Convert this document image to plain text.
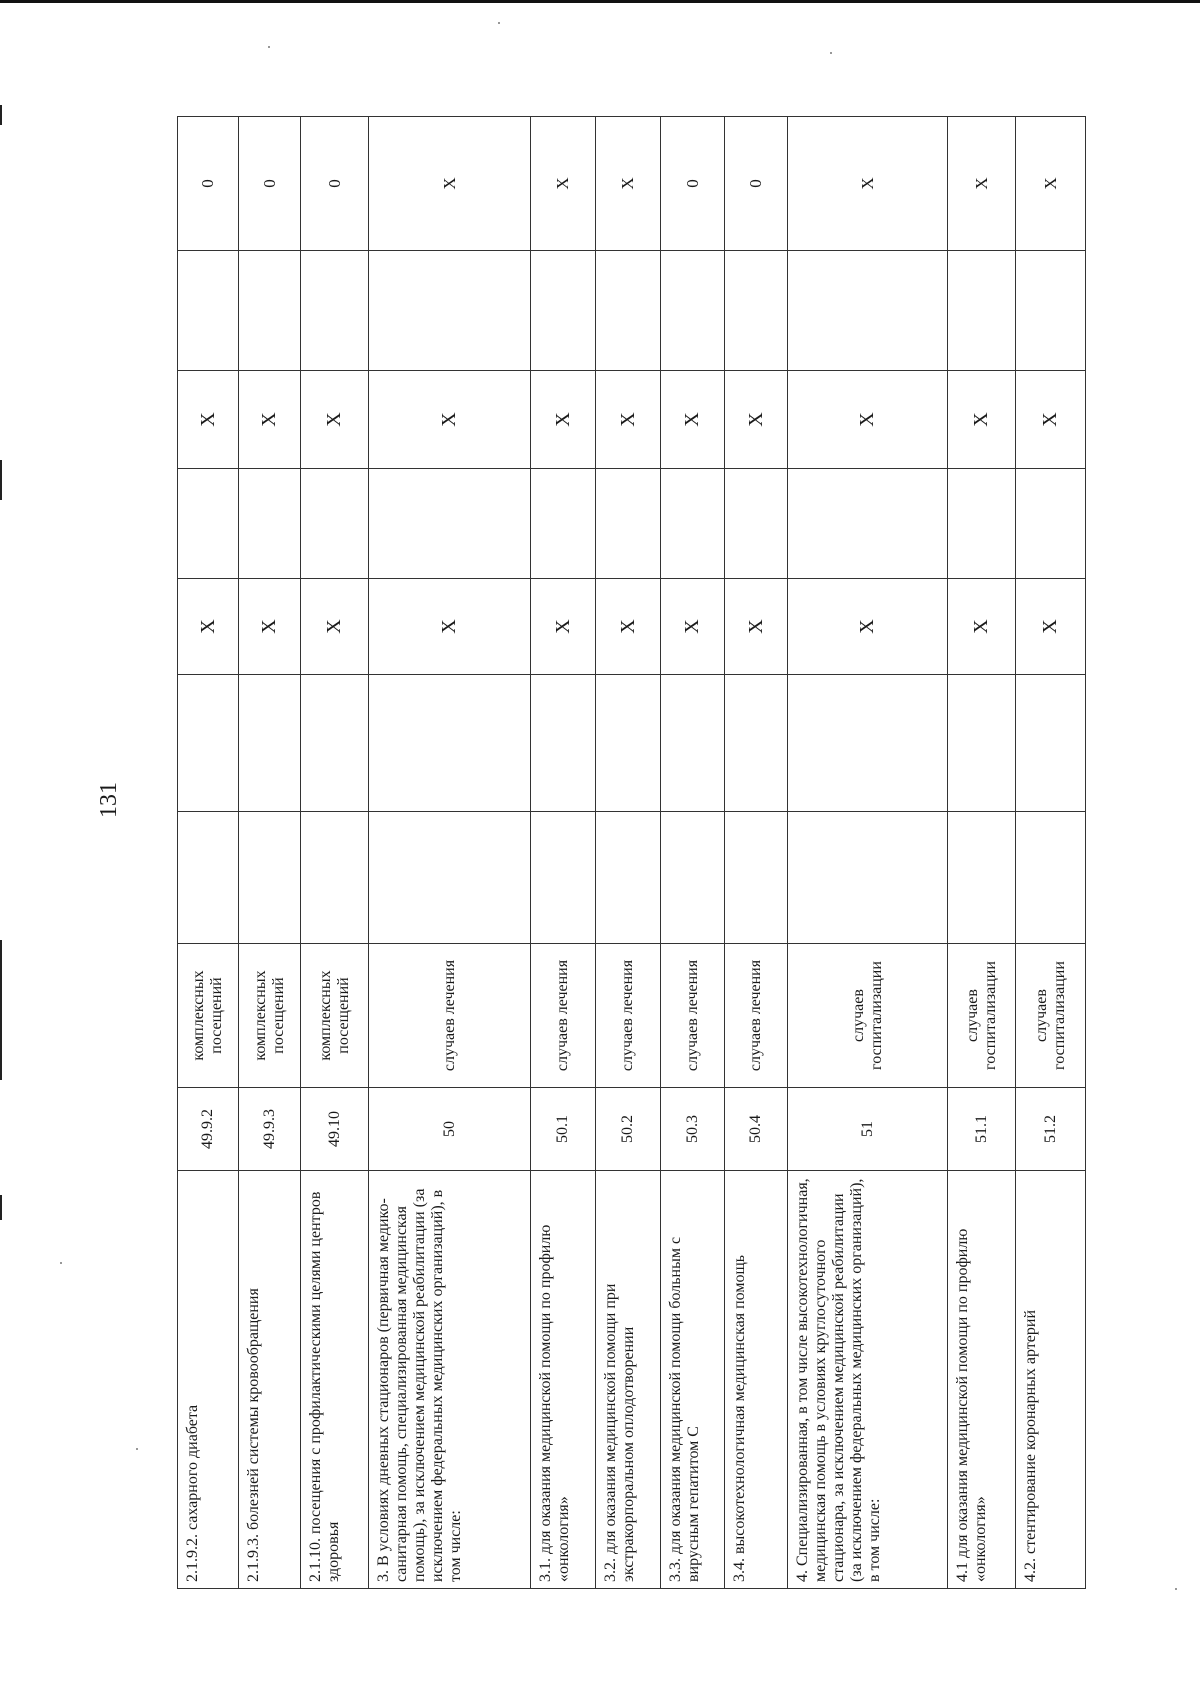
131
2.1.9.2. сахарного диабета	49.9.2	комплексных посещений			X		X		0
2.1.9.3. болезней системы кровообращения	49.9.3	комплексных посещений			X		X		0
2.1.10. посещения с профилактическими целями центров здоровья	49.10	комплексных посещений			X		X		0
3. В условиях дневных стационаров (первичная медико-санитарная помощь, специализированная медицинская помощь), за исключением медицинской реабилитации (за исключением федеральных медицинских организаций), в том числе:	50	случаев лечения			X		X		X
3.1. для оказания медицинской помощи по профилю «онкология»	50.1	случаев лечения			X		X		X
3.2. для оказания медицинской помощи при экстракорпоральном оплодотворении	50.2	случаев лечения			X		X		X
3.3. для оказания медицинской помощи больным с вирусным гепатитом С	50.3	случаев лечения			X		X		0
3.4. высокотехнологичная медицинская помощь	50.4	случаев лечения			X		X		0
4. Специализированная, в том числе высокотехнологичная, медицинская помощь в условиях круглосуточного стационара, за исключением медицинской реабилитации (за исключением федеральных медицинских организаций), в том числе:	51	случаев госпитализации			X		X		X
4.1 для оказания медицинской помощи по профилю «онкология»	51.1	случаев госпитализации			X		X		X
4.2. стентирование коронарных артерий	51.2	случаев госпитализации			X		X		X
